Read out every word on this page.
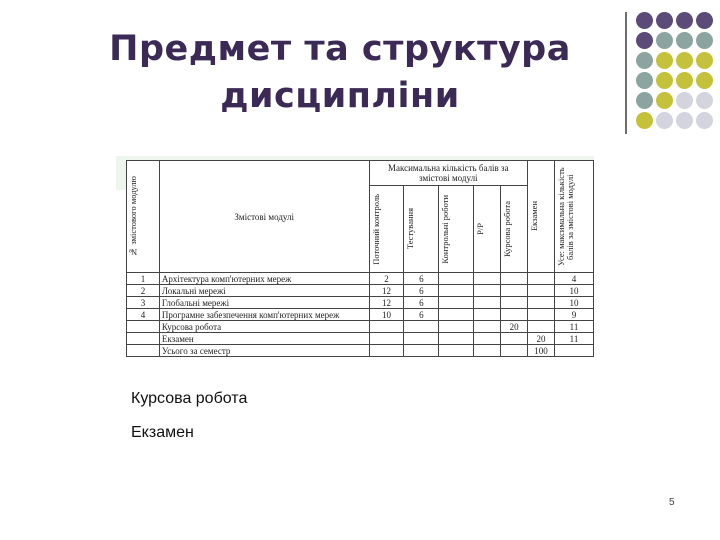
Предмет та структура
дисципліни
№ змістового модулю	Змістові модулі	Максимальна кількість балів за змістові модулі					Екзамен	Усе: максимальна кількість балів за змістові модулі

		Поточний контроль	Тестування	Контрольні роботи	Р/Р	Курсова робота		

1	Архітектура комп'ютерних мереж	2	6					4
2	Локальні мережі	12	6					10
3	Глобальні мережі	12	6					10
4	Програмне забезпечення комп'ютерних мереж	10	6					9
	Курсова робота					20		11
	Екзамен						20	11
	Усього за семестр						100	
Курсова робота
Екзамен
5
